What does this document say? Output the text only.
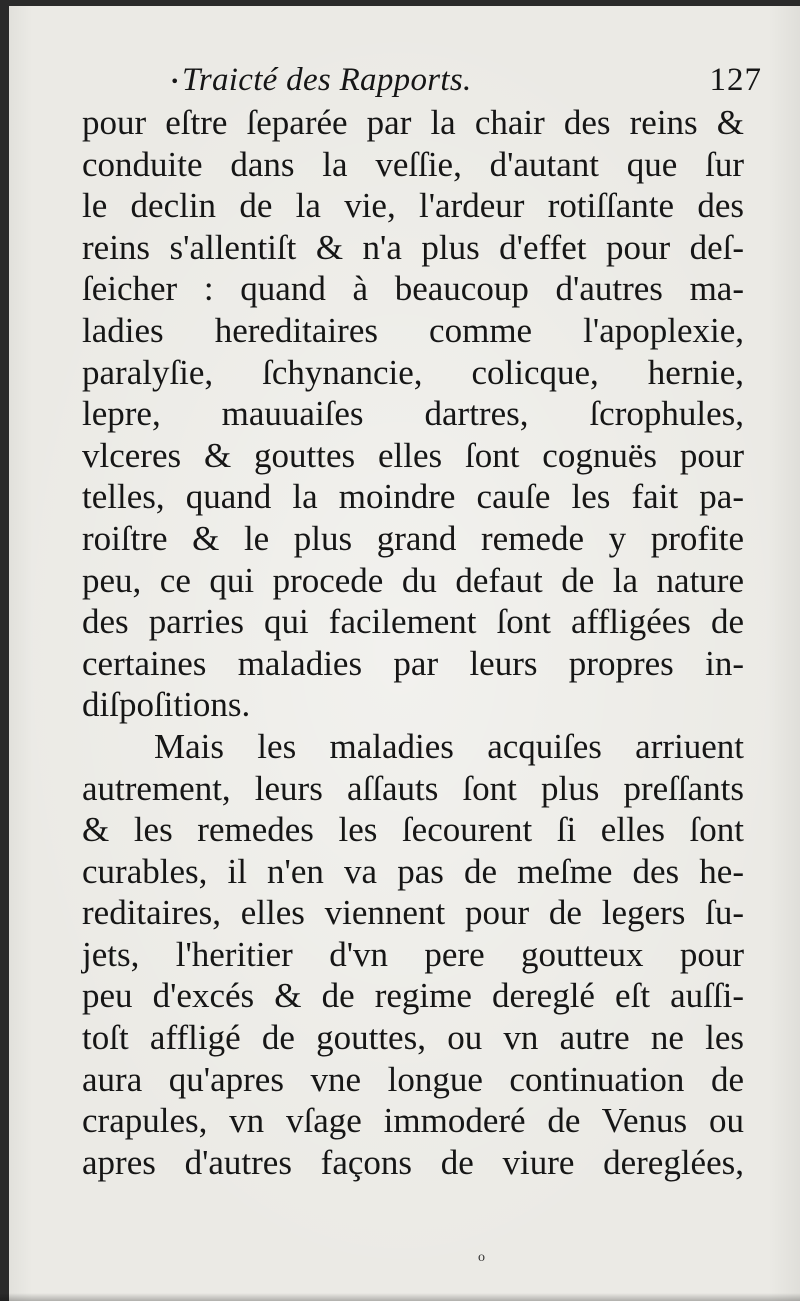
• Traicté des Rapports.	127
pour eſtre ſeparée par la chair des reins &
conduite dans la veſſie, d'autant que ſur
le declin de la vie, l'ardeur rotiſſante des
reins s'allentiſt & n'a plus d'effet pour deſ-
ſeicher : quand à beaucoup d'autres ma-
ladies hereditaires comme l'apoplexie,
paralyſie, ſchynancie, colicque, hernie,
lepre, mauuaiſes dartres, ſcrophules,
vlceres & gouttes elles ſont cognuës pour
telles, quand la moindre cauſe les fait pa-
roiſtre & le plus grand remede y profite
peu, ce qui procede du defaut de la nature
des parries qui facilement ſont affligées de
certaines maladies par leurs propres in-
diſpoſitions.
Mais les maladies acquiſes arriuent
autrement, leurs aſſauts ſont plus preſſants
& les remedes les ſecourent ſi elles ſont
curables, il n'en va pas de meſme des he-
reditaires, elles viennent pour de legers ſu-
jets, l'heritier d'vn pere goutteux pour
peu d'excés & de regime dereglé eſt auſſi-
toſt affligé de gouttes, ou vn autre ne les
aura qu'apres vne longue continuation de
crapules, vn vſage immoderé de Venus ou
apres d'autres façons de viure dereglées,
o
